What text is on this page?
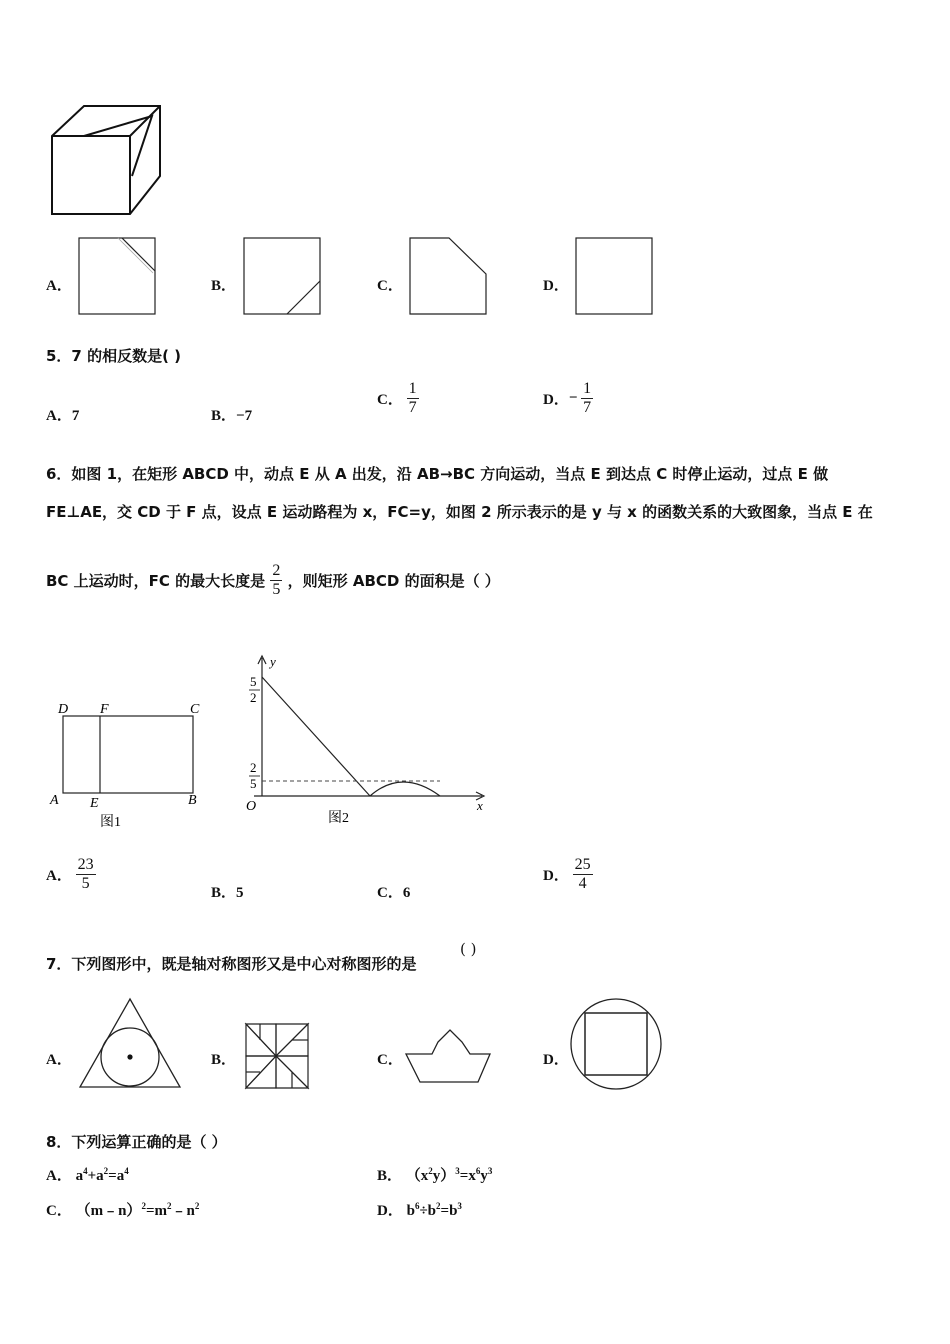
A．	B．	C．	D．
5．7 的相反数是( )
A．7	B．−7
C． $\frac{1}{7}$	D．− $\frac{1}{7}$
6．如图 1，在矩形 ABCD 中，动点 E 从 A 出发，沿 AB→BC 方向运动，当点 E 到达点 C 时停止运动，过点 E 做
FE⊥AE，交 CD 于 F 点，设点 E 运动路程为 x，FC=y，如图 2 所示表示的是 y 与 x 的函数关系的大致图象，当点 E 在
BC 上运动时，FC 的最大长度是 $\frac{2}{5}$ ，则矩形 ABCD 的面积是（ ）
D F	C
A E	B
图1
y
x
O
5
2
2
5
图2
A． $\frac{23}{5}$	B．5	C．6
D． $\frac{25}{4}$
7．下列图形中，既是轴对称图形又是中心对称图形的是
( )
A．	B．	C．	D．
8．下列运算正确的是（ ）
A． $a^4+a^2=a^4$	B． $(x^2y)^3=x^6y^3$
C． $(m﹣n)^2=m^2﹣n^2$	D． $b^6\div b^2=b^3$
